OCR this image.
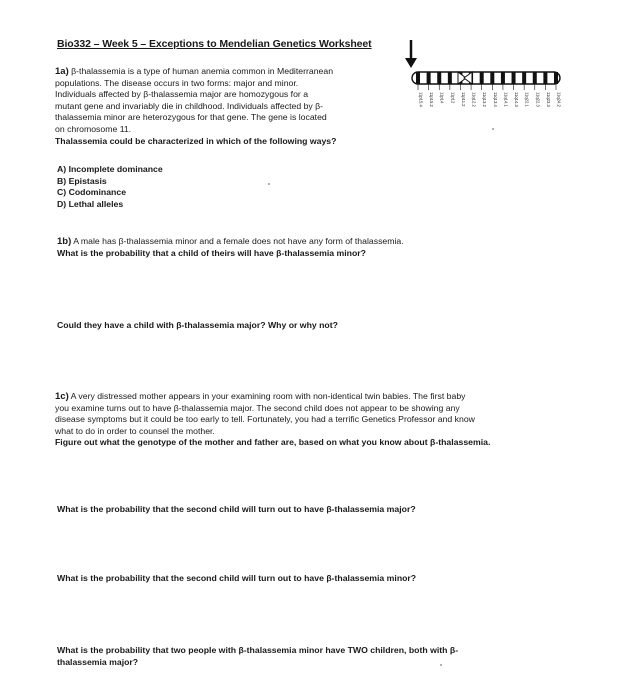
Bio332 – Week 5 – Exceptions to Mendelian Genetics Worksheet
11p15.4 11p15.2 11p14 11p12 11p11.2 11q12.2 11q13.2 11q13.4 11q14.1 11q14.3 11q22.1 11q22.3 11q23.3 11q24.2
1a) β-thalassemia is a type of human anemia common in Mediterranean
populations. The disease occurs in two forms: major and minor.
Individuals affected by β-thalassemia major are homozygous for a
mutant gene and invariably die in childhood. Individuals affected by β-
thalassemia minor are heterozygous for that gene. The gene is located
on chromosome 11.
Thalassemia could be characterized in which of the following ways?
A) Incomplete dominance
B) Epistasis
C) Codominance
D) Lethal alleles
1b) A male has β-thalassemia minor and a female does not have any form of thalassemia.
What is the probability that a child of theirs will have β-thalassemia minor?
Could they have a child with β-thalassemia major? Why or why not?
1c) A very distressed mother appears in your examining room with non-identical twin babies. The first baby
you examine turns out to have β-thalassemia major. The second child does not appear to be showing any
disease symptoms but it could be too early to tell. Fortunately, you had a terrific Genetics Professor and know
what to do in order to counsel the mother.
Figure out what the genotype of the mother and father are, based on what you know about β-thalassemia.
What is the probability that the second child will turn out to have β-thalassemia major?
What is the probability that the second child will turn out to have β-thalassemia minor?
What is the probability that two people with β-thalassemia minor have TWO children, both with β-
thalassemia major?
